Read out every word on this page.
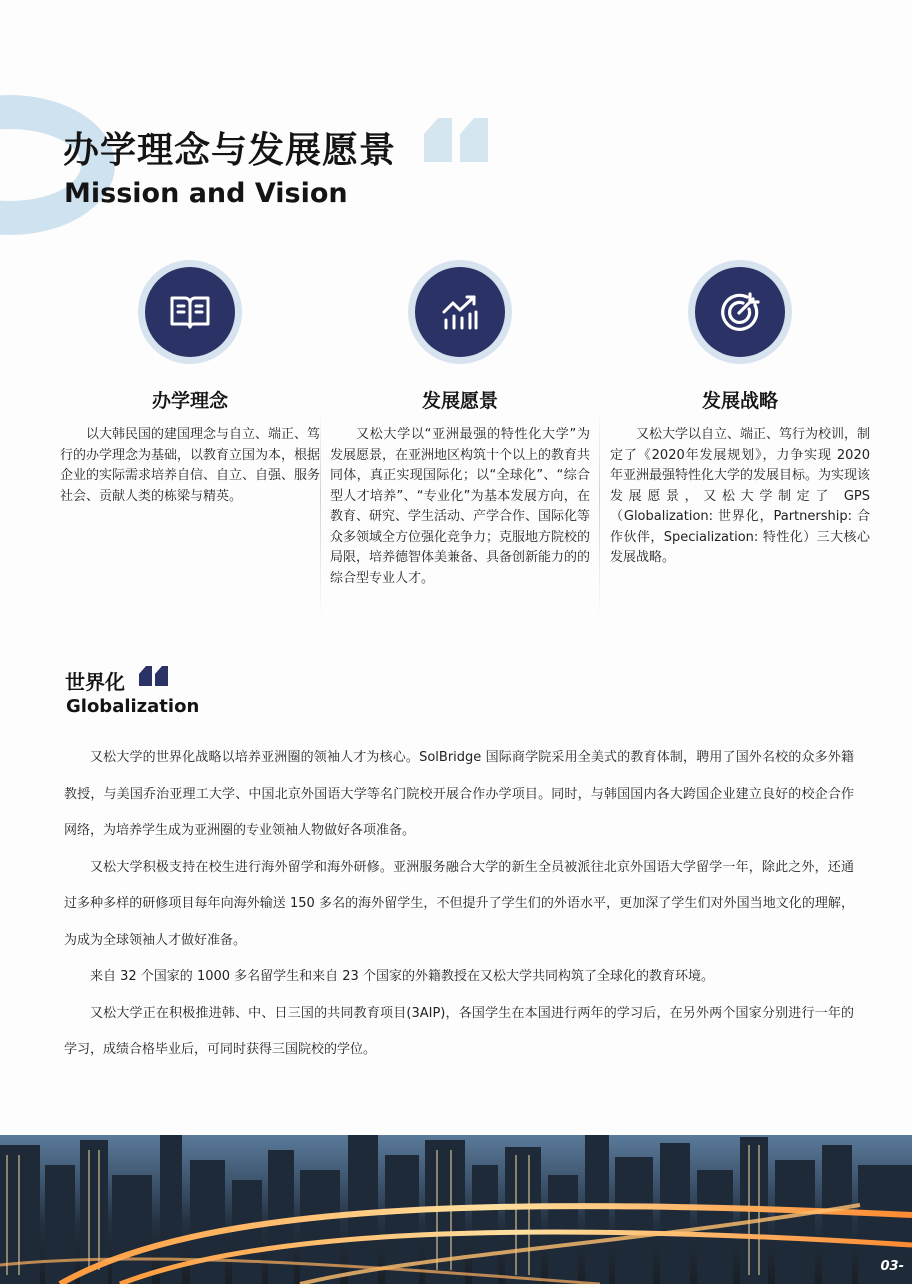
办学理念与发展愿景
Mission and Vision
办学理念

以大韩民国的建国理念与自立、端正、笃行的办学理念为基础，以教育立国为本，根据企业的实际需求培养自信、自立、自强、服务社会、贡献人类的栋梁与精英。

发展愿景

又松大学以“亚洲最强的特性化大学”为发展愿景，在亚洲地区构筑十个以上的教育共同体，真正实现国际化；以“全球化”、“综合型人才培养”、“专业化”为基本发展方向，在教育、研究、学生活动、产学合作、国际化等众多领域全方位强化竞争力；克服地方院校的局限，培养德智体美兼备、具备创新能力的的综合型专业人才。

发展战略

又松大学以自立、端正、笃行为校训，制定了《2020年发展规划》，力争实现 2020 年亚洲最强特性化大学的发展目标。为实现该发展愿景，又松大学制定了 GPS（Globalization: 世界化，Partnership: 合作伙伴，Specialization: 特性化）三大核心发展战略。

世界化
Globalization

又松大学的世界化战略以培养亚洲圈的领袖人才为核心。SolBridge 国际商学院采用全美式的教育体制，聘用了国外名校的众多外籍教授，与美国乔治亚理工大学、中国北京外国语大学等名门院校开展合作办学项目。同时，与韩国国内各大跨国企业建立良好的校企合作网络，为培养学生成为亚洲圈的专业领袖人物做好各项准备。

又松大学积极支持在校生进行海外留学和海外研修。亚洲服务融合大学的新生全员被派往北京外国语大学留学一年，除此之外，还通过多种多样的研修项目每年向海外输送 150 多名的海外留学生，不但提升了学生们的外语水平，更加深了学生们对外国当地文化的理解，为成为全球领袖人才做好准备。

来自 32 个国家的 1000 多名留学生和来自 23 个国家的外籍教授在又松大学共同构筑了全球化的教育环境。

又松大学正在积极推进韩、中、日三国的共同教育项目(3AIP)，各国学生在本国进行两年的学习后，在另外两个国家分别进行一年的学习，成绩合格毕业后，可同时获得三国院校的学位。

03-
